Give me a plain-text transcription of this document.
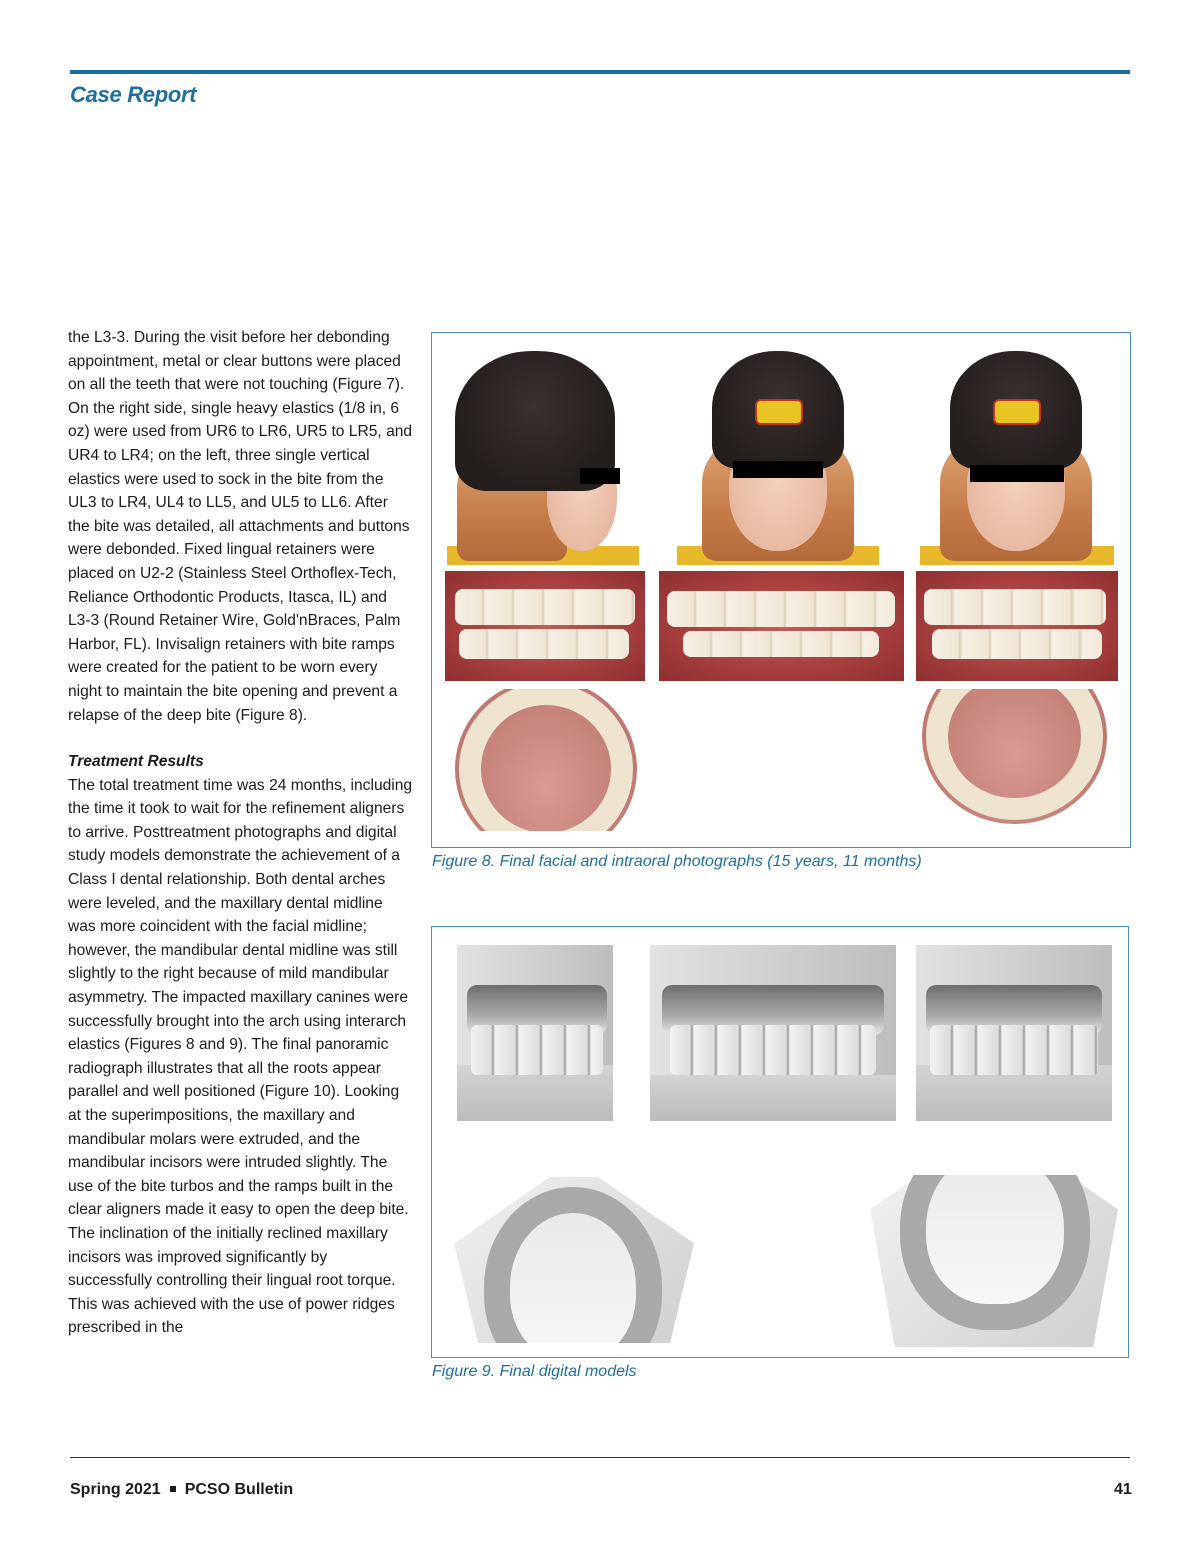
Case Report

the L3-3. During the visit before her debonding appointment, metal or clear buttons were placed on all the teeth that were not touching (Figure 7). On the right side, single heavy elastics (1/8 in, 6 oz) were used from UR6 to LR6, UR5 to LR5, and UR4 to LR4; on the left, three single vertical elastics were used to sock in the bite from the UL3 to LR4, UL4 to LL5, and UL5 to LL6. After the bite was detailed, all attachments and buttons were debonded. Fixed lingual retainers were placed on U2-2 (Stainless Steel Orthoflex-Tech, Reliance Orthodontic Products, Itasca, IL) and L3-3 (Round Retainer Wire, Gold'nBraces, Palm Harbor, FL). Invisalign retainers with bite ramps were created for the patient to be worn every night to maintain the bite opening and prevent a relapse of the deep bite (Figure 8).

Treatment Results

The total treatment time was 24 months, including the time it took to wait for the refinement aligners to arrive. Posttreatment photographs and digital study models demonstrate the achievement of a Class I dental relationship. Both dental arches were leveled, and the maxillary dental midline was more coincident with the facial midline; however, the mandibular dental midline was still slightly to the right because of mild mandibular asymmetry. The impacted maxillary canines were successfully brought into the arch using interarch elastics (Figures 8 and 9). The final panoramic radiograph illustrates that all the roots appear parallel and well positioned (Figure 10). Looking at the superimpositions, the maxillary and mandibular molars were extruded, and the mandibular incisors were intruded slightly. The use of the bite turbos and the ramps built in the clear aligners made it easy to open the deep bite. The inclination of the initially reclined maxillary incisors was improved significantly by successfully controlling their lingual root torque. This was achieved with the use of power ridges prescribed in the

Figure 8. Final facial and intraoral photographs (15 years, 11 months)
Figure 9. Final digital models
Spring 2021 PCSO Bulletin	41
